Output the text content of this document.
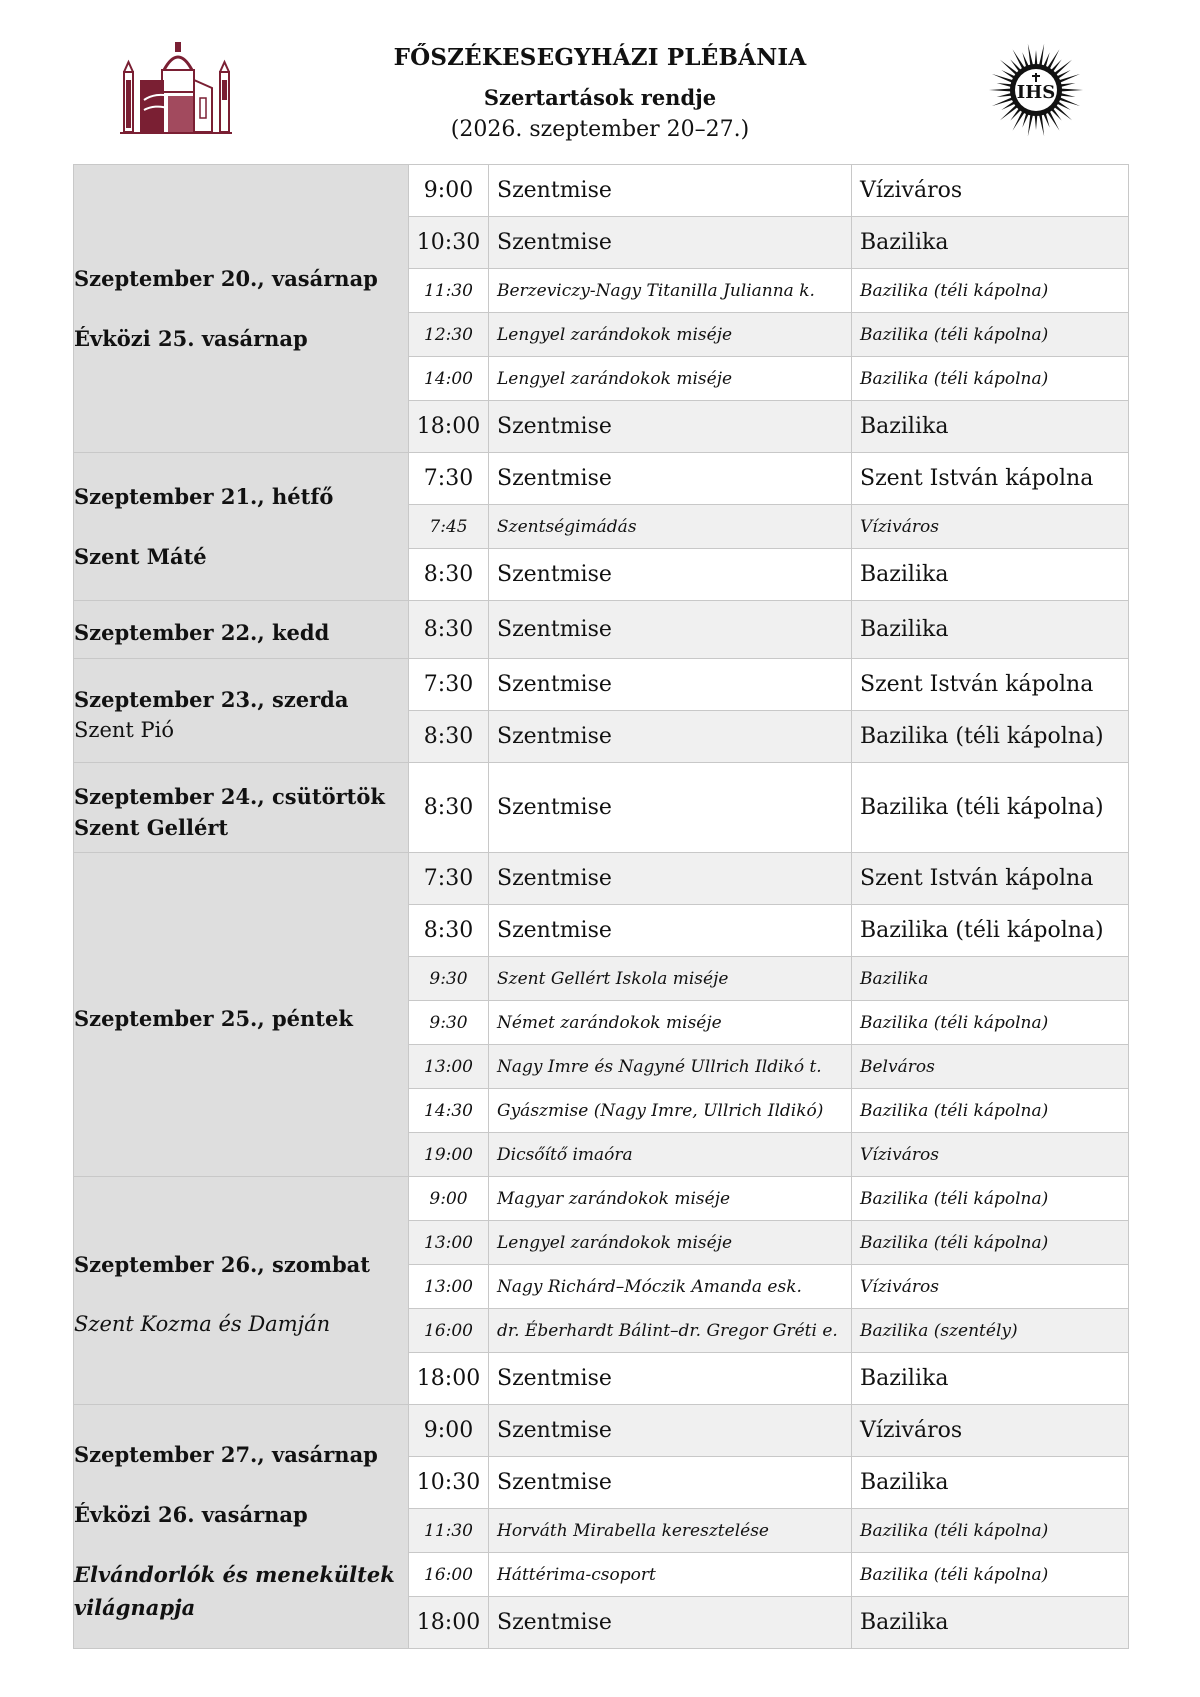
FŐSZÉKESEGYHÁZI PLÉBÁNIA
Szertartások rendje
(2026. szeptember 20–27.)
IHS
Szeptember 20., vasárnap
Évközi 25. vasárnap	9:00	Szentmise	Víziváros
	10:30	Szentmise	Bazilika
	11:30	Berzeviczy-Nagy Titanilla Julianna k.	Bazilika (téli kápolna)
	12:30	Lengyel zarándokok miséje	Bazilika (téli kápolna)
	14:00	Lengyel zarándokok miséje	Bazilika (téli kápolna)
	18:00	Szentmise	Bazilika

Szeptember 21., hétfő
Szent Máté	7:30	Szentmise	Szent István kápolna
	7:45	Szentségimádás	Víziváros
	8:30	Szentmise	Bazilika

Szeptember 22., kedd	8:30	Szentmise	Bazilika

Szeptember 23., szerda
Szent Pió	7:30	Szentmise	Szent István kápolna
	8:30	Szentmise	Bazilika (téli kápolna)

Szeptember 24., csütörtök
Szent Gellért	8:30	Szentmise	Bazilika (téli kápolna)

Szeptember 25., péntek	7:30	Szentmise	Szent István kápolna
	8:30	Szentmise	Bazilika (téli kápolna)
	9:30	Szent Gellért Iskola miséje	Bazilika
	9:30	Német zarándokok miséje	Bazilika (téli kápolna)
	13:00	Nagy Imre és Nagyné Ullrich Ildikó t.	Belváros
	14:30	Gyászmise (Nagy Imre, Ullrich Ildikó)	Bazilika (téli kápolna)
	19:00	Dicsőítő imaóra	Víziváros

Szeptember 26., szombat
Szent Kozma és Damján	9:00	Magyar zarándokok miséje	Bazilika (téli kápolna)
	13:00	Lengyel zarándokok miséje	Bazilika (téli kápolna)
	13:00	Nagy Richárd–Móczik Amanda esk.	Víziváros
	16:00	dr. Éberhardt Bálint–dr. Gregor Gréti e.	Bazilika (szentély)
	18:00	Szentmise	Bazilika

Szeptember 27., vasárnap
Évközi 26. vasárnap
Elvándorlók és menekültek
világnapja	9:00	Szentmise	Víziváros
	10:30	Szentmise	Bazilika
	11:30	Horváth Mirabella keresztelése	Bazilika (téli kápolna)
	16:00	Háttérima-csoport	Bazilika (téli kápolna)
	18:00	Szentmise	Bazilika
